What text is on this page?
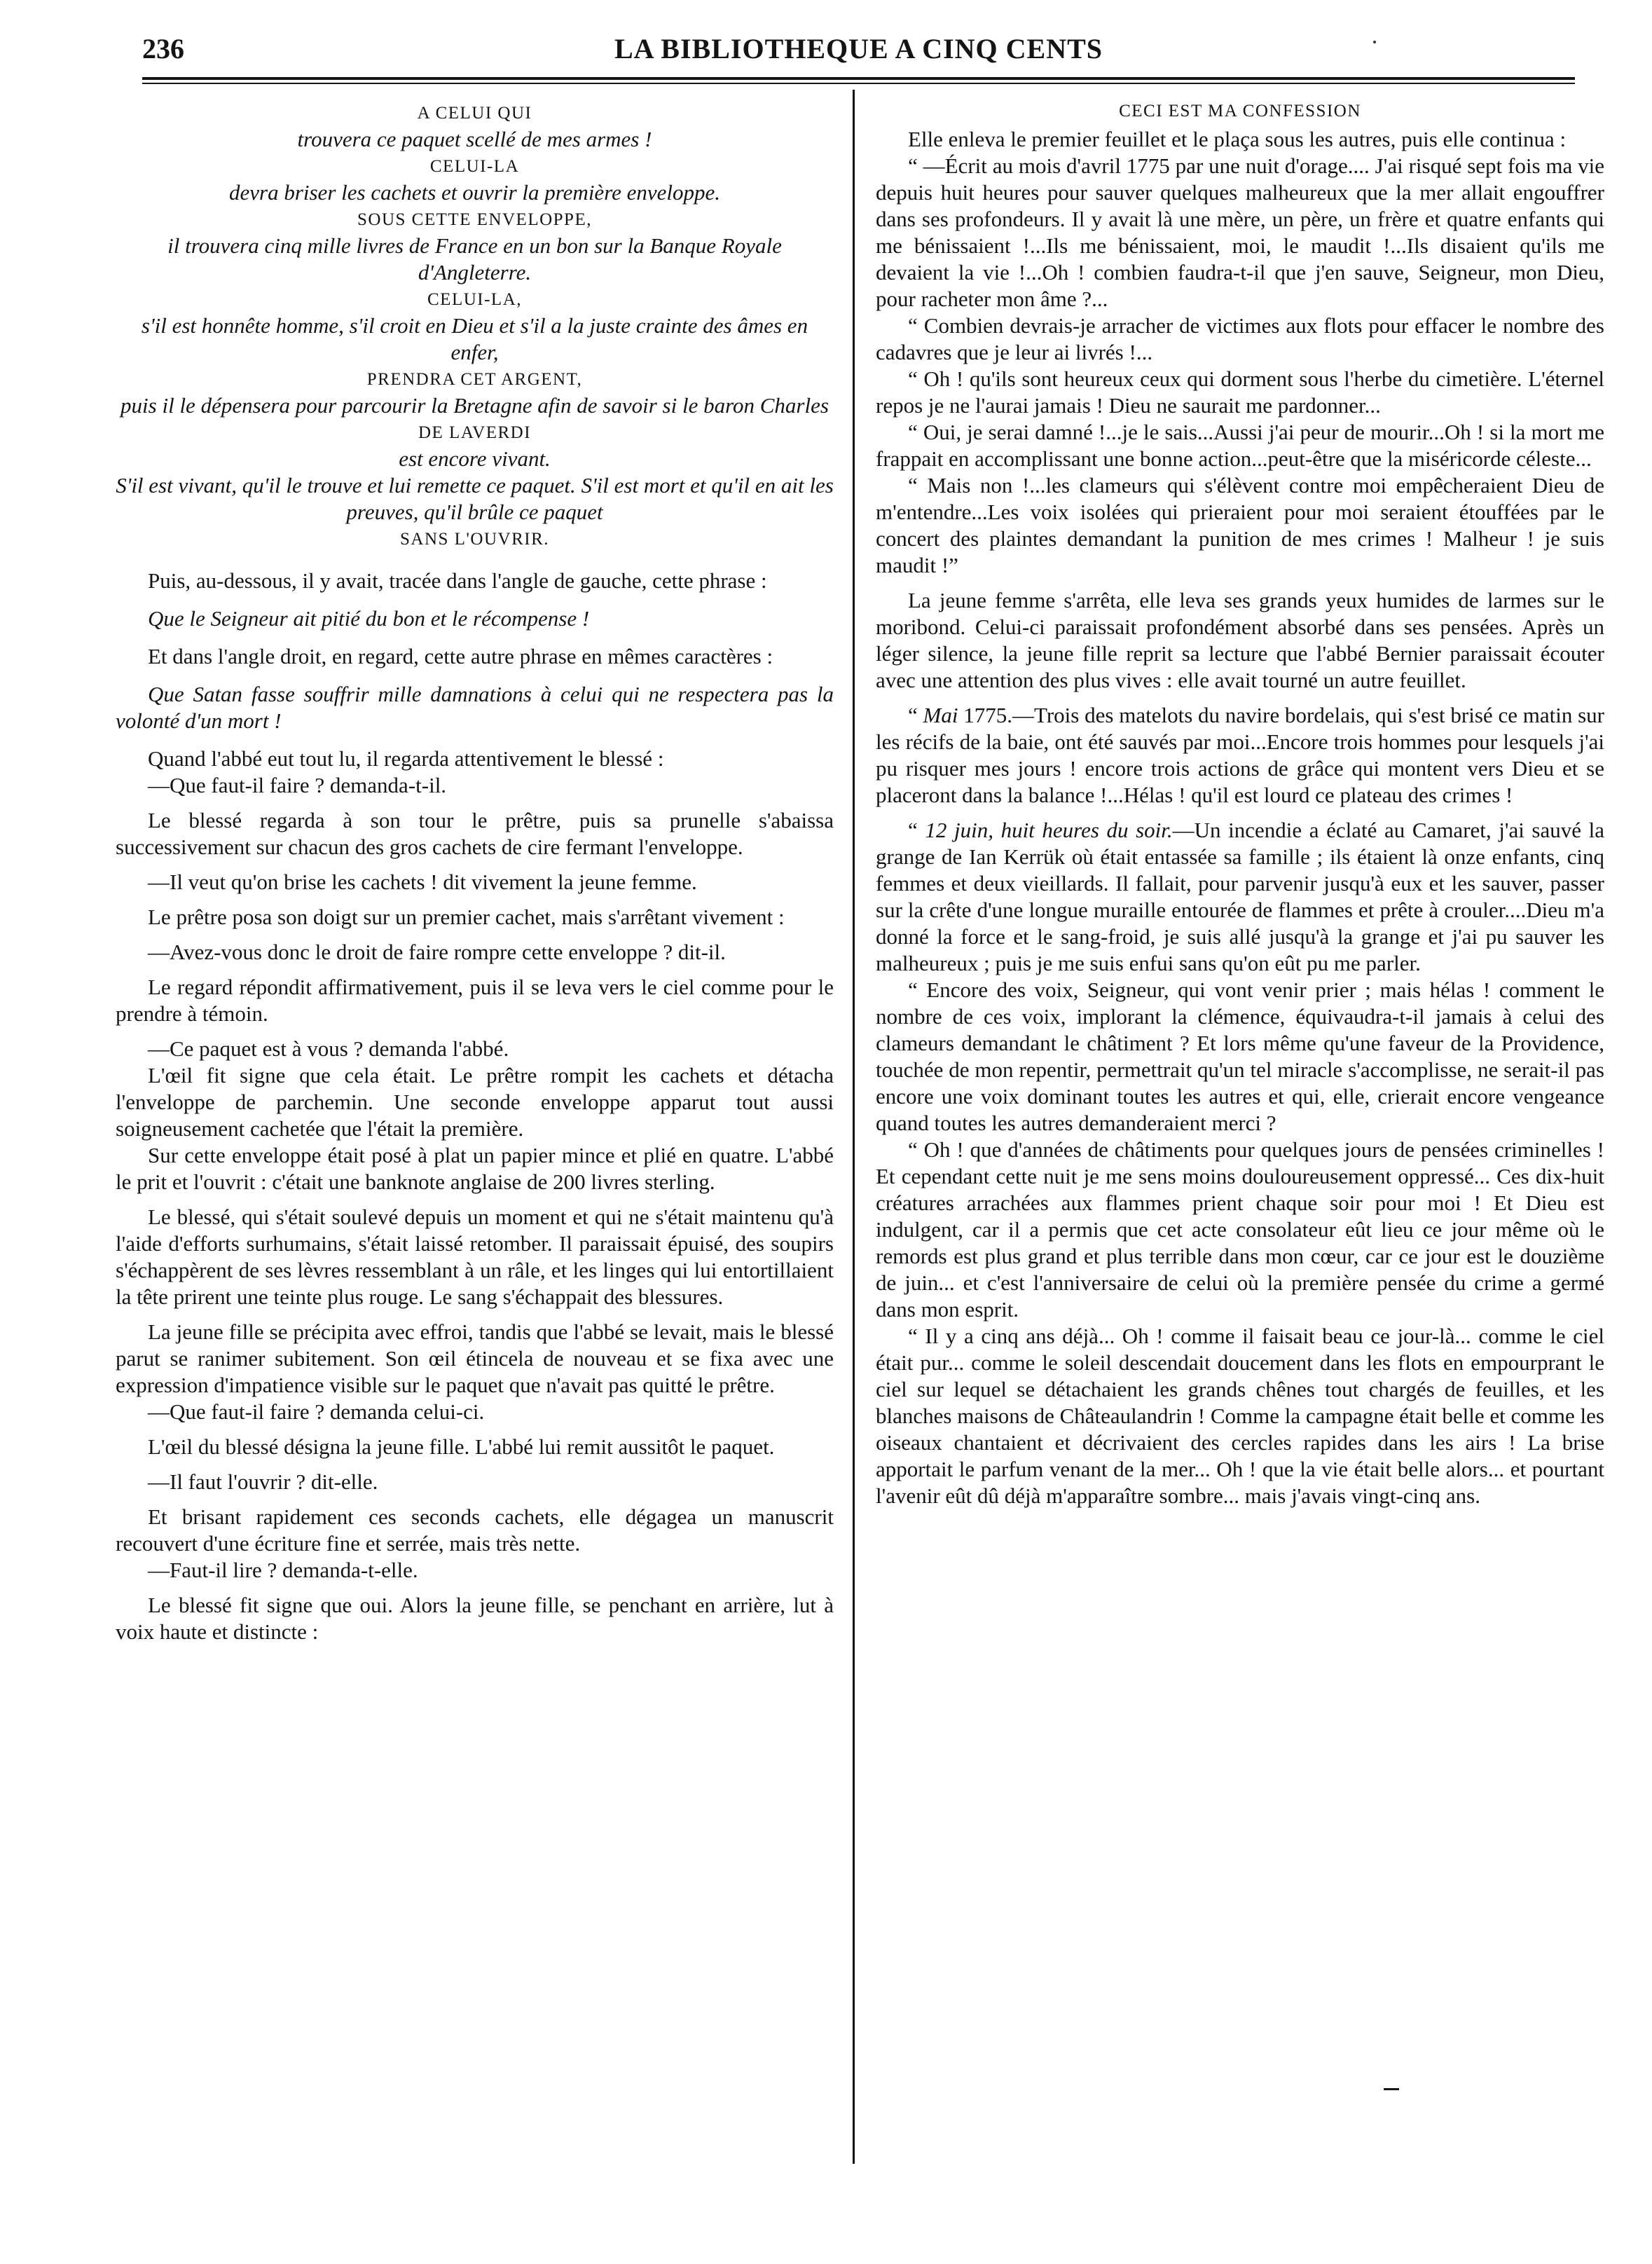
236	LA BIBLIOTHEQUE A CINQ CENTS

A CELUI QUI

trouvera ce paquet scellé de mes armes !

CELUI-LA

devra briser les cachets et ouvrir la première enveloppe.

SOUS CETTE ENVELOPPE,

il trouvera cinq mille livres de France en un bon sur la Banque Royale d'Angleterre.

CELUI-LA,

s'il est honnête homme, s'il croit en Dieu et s'il a la juste crainte des âmes en enfer,

PRENDRA CET ARGENT,

puis il le dépensera pour parcourir la Bretagne afin de savoir si le baron Charles

DE LAVERDI

est encore vivant.

S'il est vivant, qu'il le trouve et lui remette ce paquet. S'il est mort et qu'il en ait les preuves, qu'il brûle ce paquet

SANS L'OUVRIR.

Puis, au-dessous, il y avait, tracée dans l'angle de gauche, cette phrase :

Que le Seigneur ait pitié du bon et le récompense !

Et dans l'angle droit, en regard, cette autre phrase en mêmes caractères :

Que Satan fasse souffrir mille damnations à celui qui ne respectera pas la volonté d'un mort !

Quand l'abbé eut tout lu, il regarda attentivement le blessé :

—Que faut-il faire ? demanda-t-il.

Le blessé regarda à son tour le prêtre, puis sa prunelle s'abaissa successivement sur chacun des gros cachets de cire fermant l'enveloppe.

—Il veut qu'on brise les cachets ! dit vivement la jeune femme.

Le prêtre posa son doigt sur un premier cachet, mais s'arrêtant vivement :

—Avez-vous donc le droit de faire rompre cette enveloppe ? dit-il.

Le regard répondit affirmativement, puis il se leva vers le ciel comme pour le prendre à témoin.

—Ce paquet est à vous ? demanda l'abbé.

L'œil fit signe que cela était. Le prêtre rompit les cachets et détacha l'enveloppe de parchemin. Une seconde enveloppe apparut tout aussi soigneusement cachetée que l'était la première.

Sur cette enveloppe était posé à plat un papier mince et plié en quatre. L'abbé le prit et l'ouvrit : c'était une banknote anglaise de 200 livres sterling.

Le blessé, qui s'était soulevé depuis un moment et qui ne s'était maintenu qu'à l'aide d'efforts surhumains, s'était laissé retomber. Il paraissait épuisé, des soupirs s'échappèrent de ses lèvres ressemblant à un râle, et les linges qui lui entortillaient la tête prirent une teinte plus rouge. Le sang s'échappait des blessures.

La jeune fille se précipita avec effroi, tandis que l'abbé se levait, mais le blessé parut se ranimer subitement. Son œil étincela de nouveau et se fixa avec une expression d'impatience visible sur le paquet que n'avait pas quitté le prêtre.

—Que faut-il faire ? demanda celui-ci.

L'œil du blessé désigna la jeune fille. L'abbé lui remit aussitôt le paquet.

—Il faut l'ouvrir ? dit-elle.

Et brisant rapidement ces seconds cachets, elle dégagea un manuscrit recouvert d'une écriture fine et serrée, mais très nette.

—Faut-il lire ? demanda-t-elle.

Le blessé fit signe que oui. Alors la jeune fille, se penchant en arrière, lut à voix haute et distincte :

CECI EST MA CONFESSION

Elle enleva le premier feuillet et le plaça sous les autres, puis elle continua :

“ —Écrit au mois d'avril 1775 par une nuit d'orage.... J'ai risqué sept fois ma vie depuis huit heures pour sauver quelques malheureux que la mer allait engouffrer dans ses profondeurs. Il y avait là une mère, un père, un frère et quatre enfants qui me bénissaient !...Ils me bénissaient, moi, le maudit !...Ils disaient qu'ils me devaient la vie !...Oh ! combien faudra-t-il que j'en sauve, Seigneur, mon Dieu, pour racheter mon âme ?...

“ Combien devrais-je arracher de victimes aux flots pour effacer le nombre des cadavres que je leur ai livrés !...

“ Oh ! qu'ils sont heureux ceux qui dorment sous l'herbe du cimetière. L'éternel repos je ne l'aurai jamais ! Dieu ne saurait me pardonner...

“ Oui, je serai damné !...je le sais...Aussi j'ai peur de mourir...Oh ! si la mort me frappait en accomplissant une bonne action...peut-être que la miséricorde céleste...

“ Mais non !...les clameurs qui s'élèvent contre moi empêcheraient Dieu de m'entendre...Les voix isolées qui prieraient pour moi seraient étouffées par le concert des plaintes demandant la punition de mes crimes ! Malheur ! je suis maudit !”

La jeune femme s'arrêta, elle leva ses grands yeux humides de larmes sur le moribond. Celui-ci paraissait profondément absorbé dans ses pensées. Après un léger silence, la jeune fille reprit sa lecture que l'abbé Bernier paraissait écouter avec une attention des plus vives : elle avait tourné un autre feuillet.

“ Mai 1775.—Trois des matelots du navire bordelais, qui s'est brisé ce matin sur les récifs de la baie, ont été sauvés par moi...Encore trois hommes pour lesquels j'ai pu risquer mes jours ! encore trois actions de grâce qui montent vers Dieu et se placeront dans la balance !...Hélas ! qu'il est lourd ce plateau des crimes !

“ 12 juin, huit heures du soir.—Un incendie a éclaté au Camaret, j'ai sauvé la grange de Ian Kerrük où était entassée sa famille ; ils étaient là onze enfants, cinq femmes et deux vieillards. Il fallait, pour parvenir jusqu'à eux et les sauver, passer sur la crête d'une longue muraille entourée de flammes et prête à crouler....Dieu m'a donné la force et le sang-froid, je suis allé jusqu'à la grange et j'ai pu sauver les malheureux ; puis je me suis enfui sans qu'on eût pu me parler.

“ Encore des voix, Seigneur, qui vont venir prier ; mais hélas ! comment le nombre de ces voix, implorant la clémence, équivaudra-t-il jamais à celui des clameurs demandant le châtiment ? Et lors même qu'une faveur de la Providence, touchée de mon repentir, permettrait qu'un tel miracle s'accomplisse, ne serait-il pas encore une voix dominant toutes les autres et qui, elle, crierait encore vengeance quand toutes les autres demanderaient merci ?

“ Oh ! que d'années de châtiments pour quelques jours de pensées criminelles ! Et cependant cette nuit je me sens moins douloureusement oppressé... Ces dix-huit créatures arrachées aux flammes prient chaque soir pour moi ! Et Dieu est indulgent, car il a permis que cet acte consolateur eût lieu ce jour même où le remords est plus grand et plus terrible dans mon cœur, car ce jour est le douzième de juin... et c'est l'anniversaire de celui où la première pensée du crime a germé dans mon esprit.

“ Il y a cinq ans déjà... Oh ! comme il faisait beau ce jour-là... comme le ciel était pur... comme le soleil descendait doucement dans les flots en empourprant le ciel sur lequel se détachaient les grands chênes tout chargés de feuilles, et les blanches maisons de Châteaulandrin ! Comme la campagne était belle et comme les oiseaux chantaient et décrivaient des cercles rapides dans les airs ! La brise apportait le parfum venant de la mer... Oh ! que la vie était belle alors... et pourtant l'avenir eût dû déjà m'apparaître sombre... mais j'avais vingt-cinq ans.
